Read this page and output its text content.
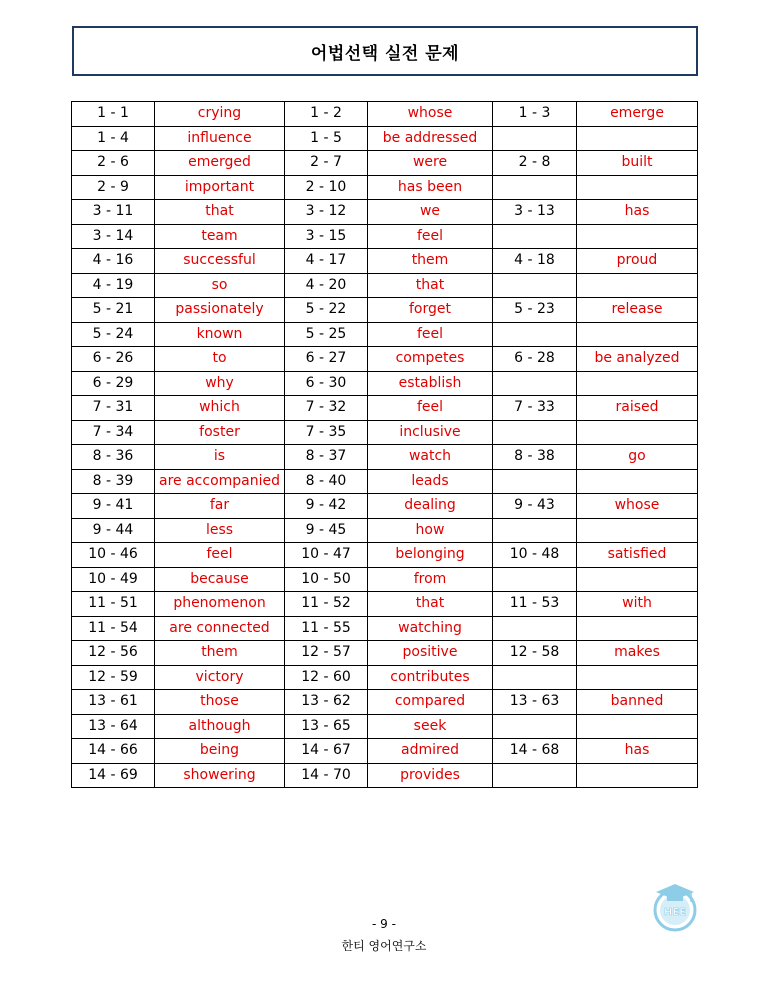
어법선택 실전 문제
1 - 1	crying	1 - 2	whose	1 - 3	emerge
1 - 4	influence	1 - 5	be addressed		
2 - 6	emerged	2 - 7	were	2 - 8	built
2 - 9	important	2 - 10	has been		
3 - 11	that	3 - 12	we	3 - 13	has
3 - 14	team	3 - 15	feel		
4 - 16	successful	4 - 17	them	4 - 18	proud
4 - 19	so	4 - 20	that		
5 - 21	passionately	5 - 22	forget	5 - 23	release
5 - 24	known	5 - 25	feel		
6 - 26	to	6 - 27	competes	6 - 28	be analyzed
6 - 29	why	6 - 30	establish		
7 - 31	which	7 - 32	feel	7 - 33	raised
7 - 34	foster	7 - 35	inclusive		
8 - 36	is	8 - 37	watch	8 - 38	go
8 - 39	are accompanied	8 - 40	leads		
9 - 41	far	9 - 42	dealing	9 - 43	whose
9 - 44	less	9 - 45	how		
10 - 46	feel	10 - 47	belonging	10 - 48	satisfied
10 - 49	because	10 - 50	from		
11 - 51	phenomenon	11 - 52	that	11 - 53	with
11 - 54	are connected	11 - 55	watching		
12 - 56	them	12 - 57	positive	12 - 58	makes
12 - 59	victory	12 - 60	contributes		
13 - 61	those	13 - 62	compared	13 - 63	banned
13 - 64	although	13 - 65	seek		
14 - 66	being	14 - 67	admired	14 - 68	has
14 - 69	showering	14 - 70	provides		
- 9 -
한티 영어연구소
HEE
